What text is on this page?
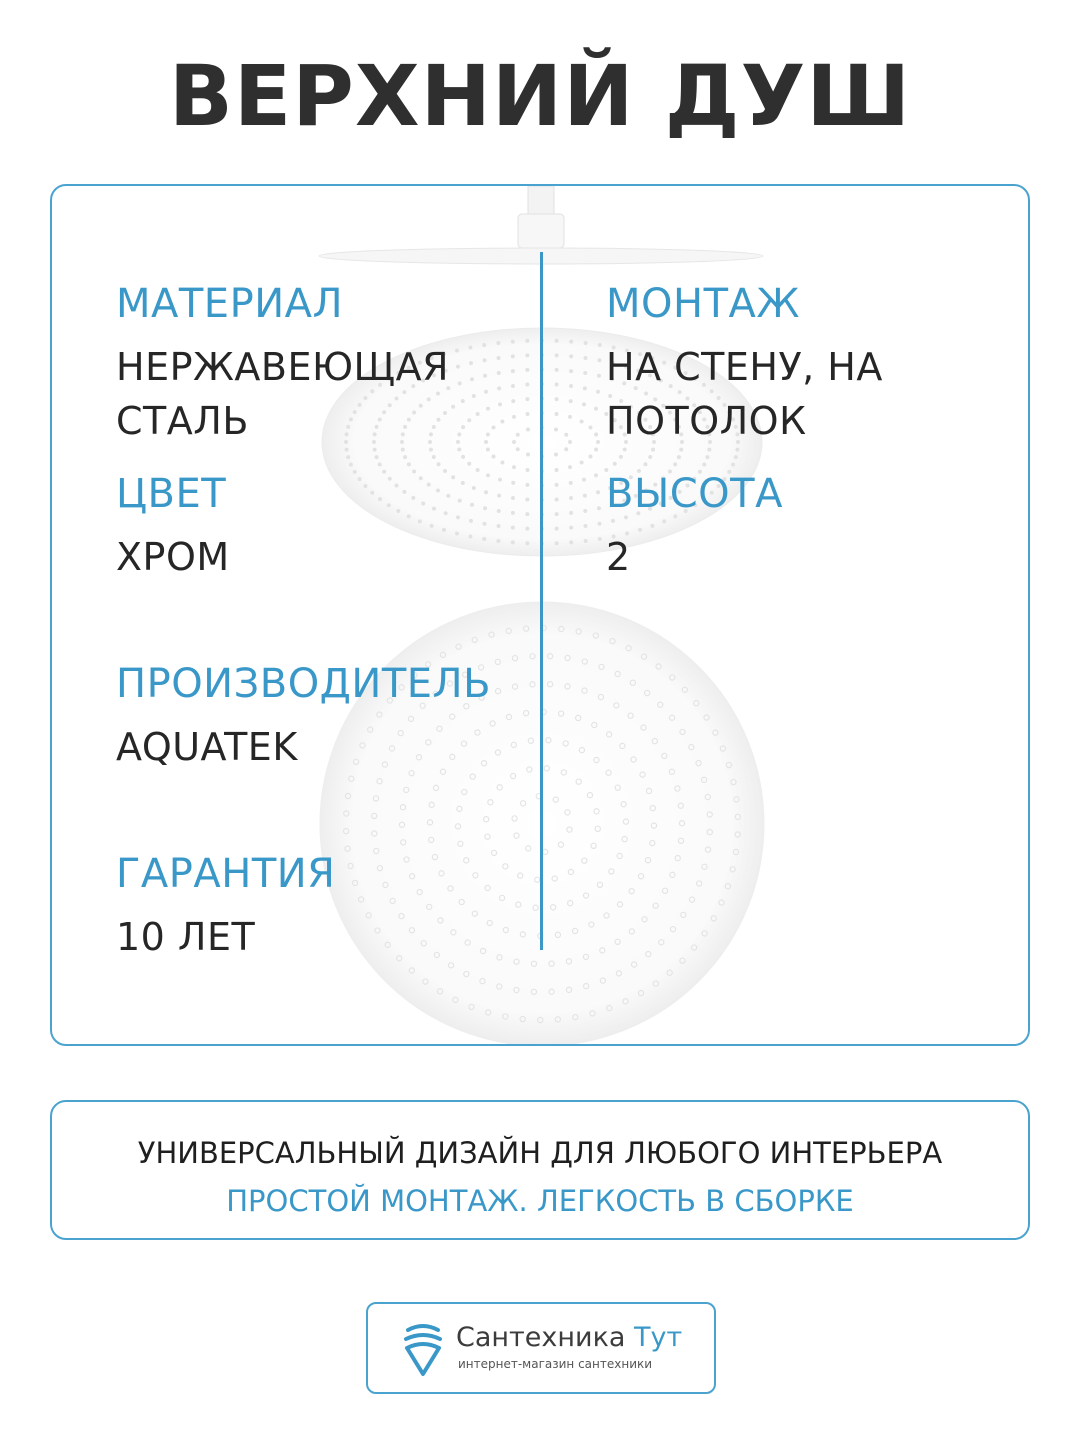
ВЕРХНИЙ ДУШ
МАТЕРИАЛ
НЕРЖАВЕЮЩАЯ СТАЛЬ
МОНТАЖ
НА СТЕНУ, НА ПОТОЛОК
ЦВЕТ
ХРОМ
ВЫСОТА
2
ПРОИЗВОДИТЕЛЬ
AQUATEK
ГАРАНТИЯ
10 ЛЕТ
УНИВЕРСАЛЬНЫЙ ДИЗАЙН ДЛЯ ЛЮБОГО ИНТЕРЬЕРА
ПРОСТОЙ МОНТАЖ. ЛЕГКОСТЬ В СБОРКЕ
Сантехника Тут
интернет-магазин сантехники
